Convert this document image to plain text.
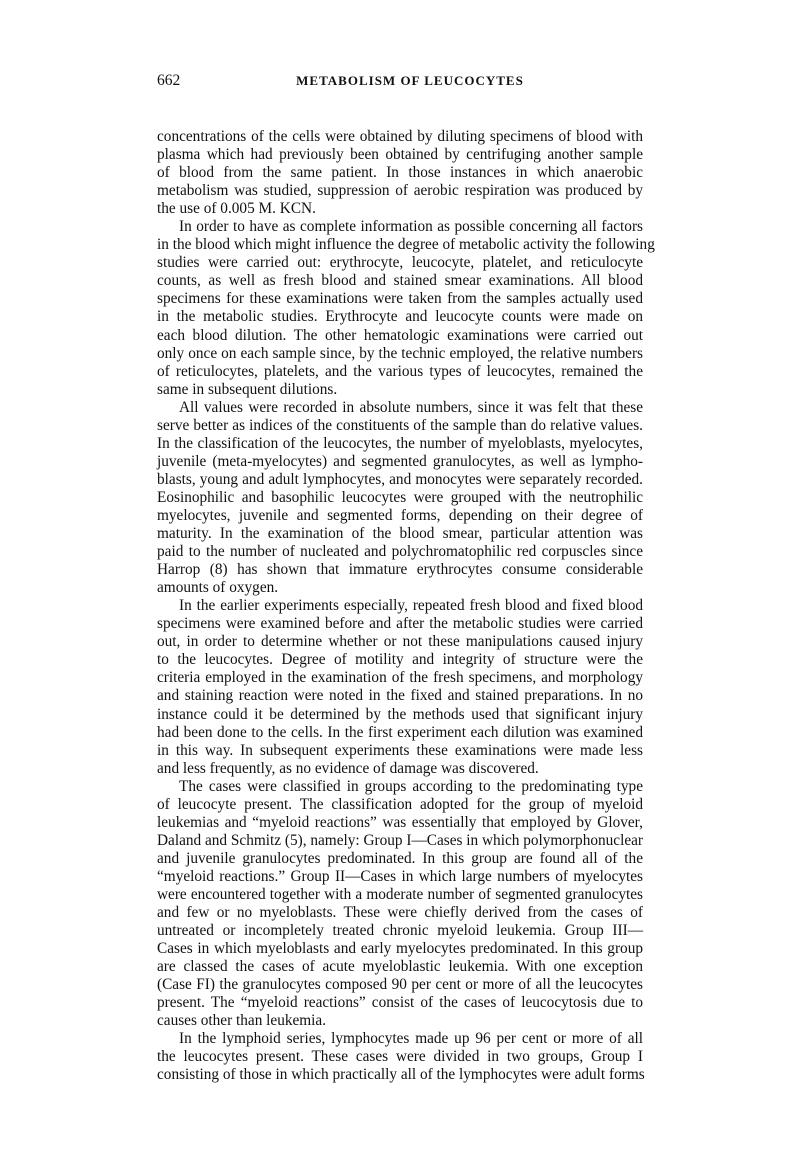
662	METABOLISM OF LEUCOCYTES
concentrations of the cells were obtained by diluting specimens of blood with
plasma which had previously been obtained by centrifuging another sample
of blood from the same patient. In those instances in which anaerobic
metabolism was studied, suppression of aerobic respiration was produced by
the use of 0.005 M. KCN.
In order to have as complete information as possible concerning all factors
in the blood which might influence the degree of metabolic activity the following
studies were carried out: erythrocyte, leucocyte, platelet, and reticulocyte
counts, as well as fresh blood and stained smear examinations. All blood
specimens for these examinations were taken from the samples actually used
in the metabolic studies. Erythrocyte and leucocyte counts were made on
each blood dilution. The other hematologic examinations were carried out
only once on each sample since, by the technic employed, the relative numbers
of reticulocytes, platelets, and the various types of leucocytes, remained the
same in subsequent dilutions.
All values were recorded in absolute numbers, since it was felt that these
serve better as indices of the constituents of the sample than do relative values.
In the classification of the leucocytes, the number of myeloblasts, myelocytes,
juvenile (meta-myelocytes) and segmented granulocytes, as well as lympho-
blasts, young and adult lymphocytes, and monocytes were separately recorded.
Eosinophilic and basophilic leucocytes were grouped with the neutrophilic
myelocytes, juvenile and segmented forms, depending on their degree of
maturity. In the examination of the blood smear, particular attention was
paid to the number of nucleated and polychromatophilic red corpuscles since
Harrop (8) has shown that immature erythrocytes consume considerable
amounts of oxygen.
In the earlier experiments especially, repeated fresh blood and fixed blood
specimens were examined before and after the metabolic studies were carried
out, in order to determine whether or not these manipulations caused injury
to the leucocytes. Degree of motility and integrity of structure were the
criteria employed in the examination of the fresh specimens, and morphology
and staining reaction were noted in the fixed and stained preparations. In no
instance could it be determined by the methods used that significant injury
had been done to the cells. In the first experiment each dilution was examined
in this way. In subsequent experiments these examinations were made less
and less frequently, as no evidence of damage was discovered.
The cases were classified in groups according to the predominating type
of leucocyte present. The classification adopted for the group of myeloid
leukemias and “myeloid reactions” was essentially that employed by Glover,
Daland and Schmitz (5), namely: Group I—Cases in which polymorphonuclear
and juvenile granulocytes predominated. In this group are found all of the
“myeloid reactions.” Group II—Cases in which large numbers of myelocytes
were encountered together with a moderate number of segmented granulocytes
and few or no myeloblasts. These were chiefly derived from the cases of
untreated or incompletely treated chronic myeloid leukemia. Group III—
Cases in which myeloblasts and early myelocytes predominated. In this group
are classed the cases of acute myeloblastic leukemia. With one exception
(Case FI) the granulocytes composed 90 per cent or more of all the leucocytes
present. The “myeloid reactions” consist of the cases of leucocytosis due to
causes other than leukemia.
In the lymphoid series, lymphocytes made up 96 per cent or more of all
the leucocytes present. These cases were divided in two groups, Group I
consisting of those in which practically all of the lymphocytes were adult forms
